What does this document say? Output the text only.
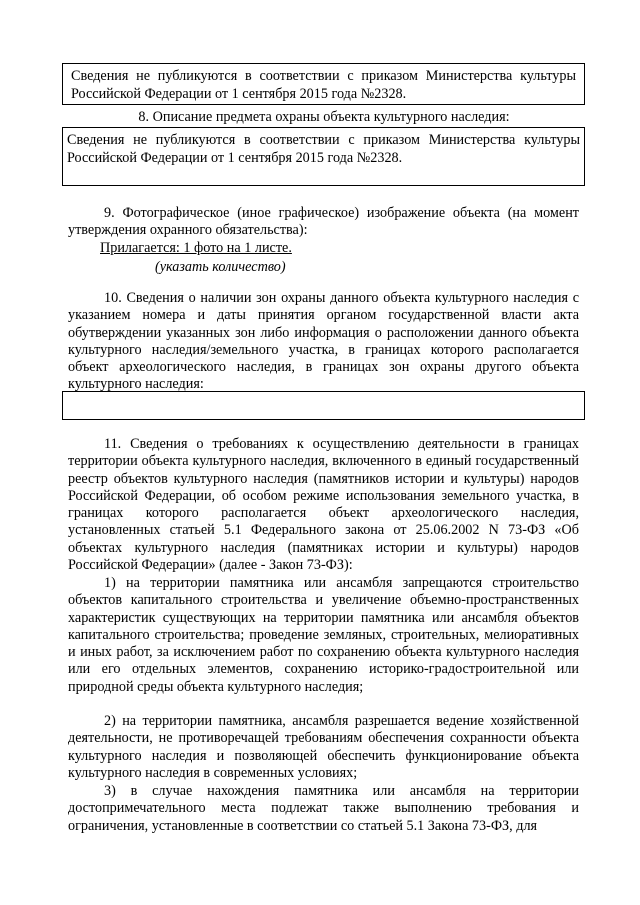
Сведения не публикуются в соответствии с приказом Министерства культуры Российской Федерации от 1 сентября 2015 года №2328.
8. Описание предмета охраны объекта культурного наследия:
Сведения не публикуются в соответствии с приказом Министерства культуры Российской Федерации от 1 сентября 2015 года №2328.

9. Фотографическое (иное графическое) изображение объекта (на момент утверждения охранного обязательства):

Прилагается: 1 фото на 1 листе.
(указать количество)

10. Сведения о наличии зон охраны данного объекта культурного наследия с указанием номера и даты принятия органом государственной власти акта обутверждении указанных зон либо информация о расположении данного объекта культурного наследия/земельного участка, в границах которого располагается объект археологического наследия, в границах зон охраны другого объекта культурного наследия:

11. Сведения о требованиях к осуществлению деятельности в границах территории объекта культурного наследия, включенного в единый государственный реестр объектов культурного наследия (памятников истории и культуры) народов Российской Федерации, об особом режиме использования земельного участка, в границах которого располагается объект археологического наследия, установленных статьей 5.1 Федерального закона от 25.06.2002 N 73-ФЗ «Об объектах культурного наследия (памятниках истории и культуры) народов Российской Федерации» (далее - Закон 73-ФЗ):

1) на территории памятника или ансамбля запрещаются строительство объектов капитального строительства и увеличение объемно-пространственных характеристик существующих на территории памятника или ансамбля объектов капитального строительства; проведение земляных, строительных, мелиоративных и иных работ, за исключением работ по сохранению объекта культурного наследия или его отдельных элементов, сохранению историко-градостроительной или природной среды объекта культурного наследия;

2) на территории памятника, ансамбля разрешается ведение хозяйственной деятельности, не противоречащей требованиям обеспечения сохранности объекта культурного наследия и позволяющей обеспечить функционирование объекта культурного наследия в современных условиях;

3) в случае нахождения памятника или ансамбля на территории достопримечательного места подлежат также выполнению требования и ограничения, установленные в соответствии со статьей 5.1 Закона 73-ФЗ, для
